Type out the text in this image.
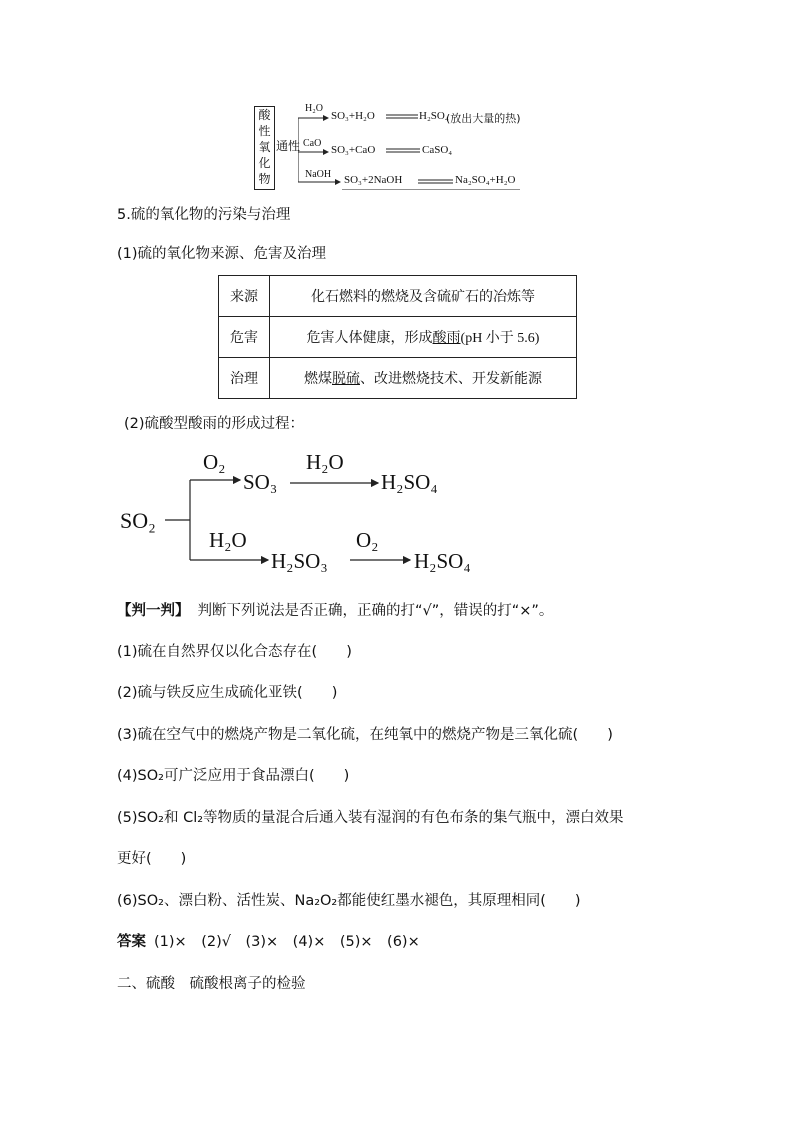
酸
性
氧
化
物
通性
H₂O
SO₃+H₂O	H₂SO₄
(放出大量的热)
CaO
SO₃+CaO	CaSO₄
NaOH SO₃+2NaOH	Na₂SO₄+H₂O
5.硫的氧化物的污染与治理
(1)硫的氧化物来源、危害及治理
来源	化石燃料的燃烧及含硫矿石的冶炼等
危害	危害人体健康，形成酸雨(pH 小于 5.6)
治理	燃煤脱硫、改进燃烧技术、开发新能源
(2)硫酸型酸雨的形成过程：
SO₂
O₂
SO₃
H₂O
H₂SO₄
H₂O
H₂SO₃
O₂
H₂SO₄
【判一判】 判断下列说法是否正确，正确的打“√”，错误的打“×”。
(1)硫在自然界仅以化合态存在(　　)
(2)硫与铁反应生成硫化亚铁(　　)
(3)硫在空气中的燃烧产物是二氧化硫，在纯氧中的燃烧产物是三氧化硫(　　)
(4)SO₂可广泛应用于食品漂白(　　)
(5)SO₂和 Cl₂等物质的量混合后通入装有湿润的有色布条的集气瓶中，漂白效果
更好(　　)
(6)SO₂、漂白粉、活性炭、Na₂O₂都能使红墨水褪色，其原理相同(　　)
答案 (1)×　(2)√　(3)×　(4)×　(5)×　(6)×
二、硫酸　硫酸根离子的检验
